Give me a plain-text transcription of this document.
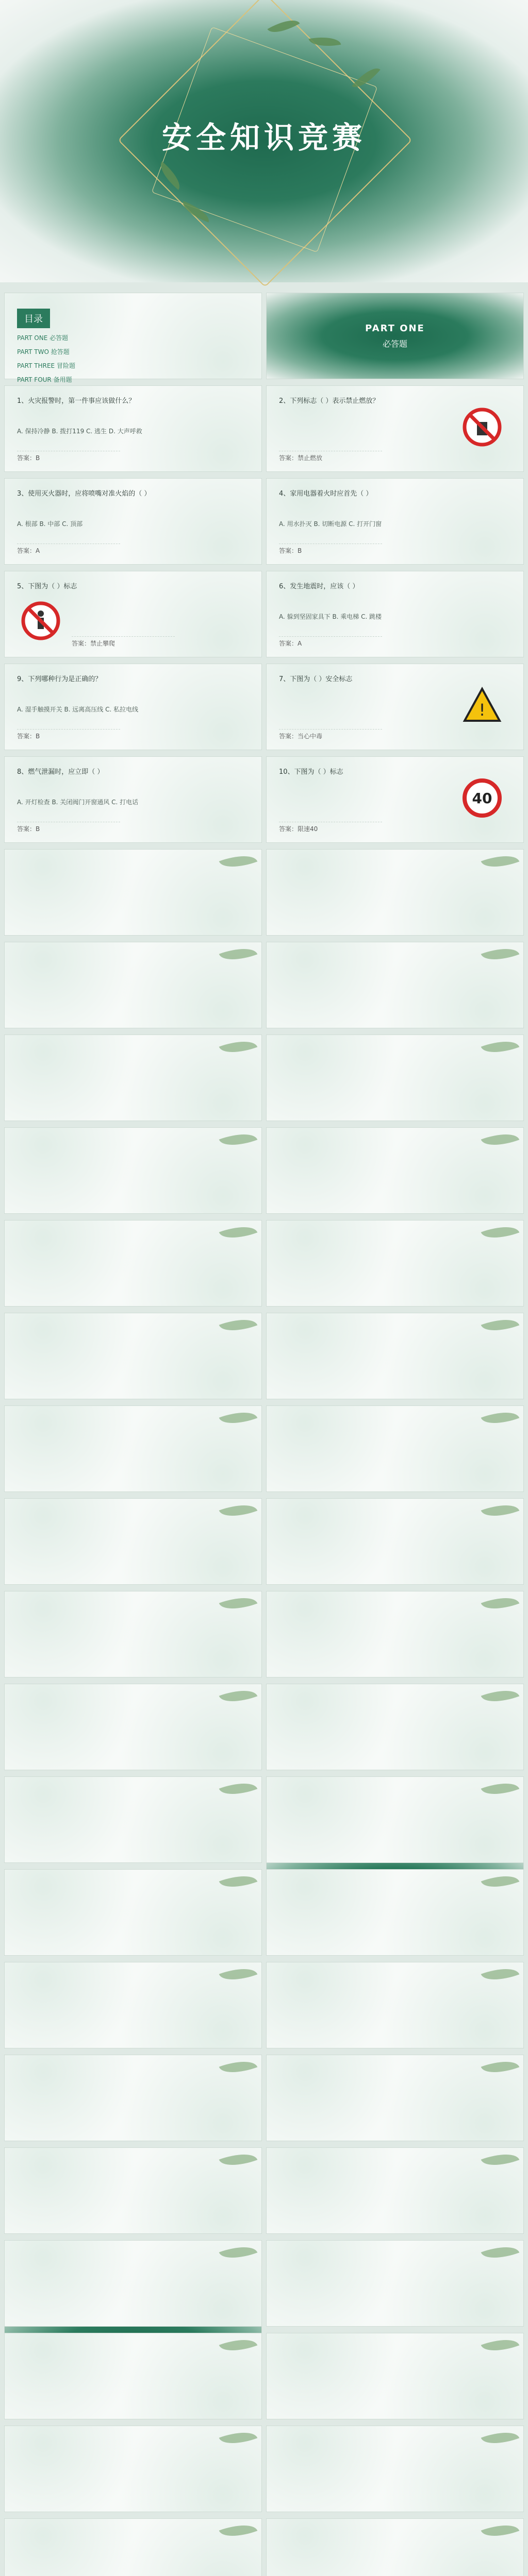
安全知识竞赛
目录
PART ONE 必答题
PART TWO 抢答题
PART THREE 冒险题
PART FOUR 备用题
PART ONE
必答题
1、火灾报警时，第一件事应该做什么？
A. 保持冷静 B. 拨打119 C. 逃生 D. 大声呼救
答案：B
2、下列标志（ ）表示禁止燃放？
答案：禁止燃放
3、使用灭火器时，应将喷嘴对准火焰的（ ）
A. 根部 B. 中部 C. 顶部
答案：A
4、家用电器着火时应首先（ ）
A. 用水扑灭 B. 切断电源 C. 打开门窗
答案：B
5、下图为（ ）标志
答案：禁止攀爬
6、发生地震时，应该（ ）
A. 躲到坚固家具下 B. 乘电梯 C. 跳楼
答案：A
9、下列哪种行为是正确的？
A. 湿手触摸开关 B. 远离高压线 C. 私拉电线
答案：B
7、下图为（ ）安全标志
!
答案：当心中毒
8、燃气泄漏时，应立即（ ）
A. 开灯检查 B. 关闭阀门开窗通风 C. 打电话
答案：B
10、下图为（ ）标志
40
答案：限速40
